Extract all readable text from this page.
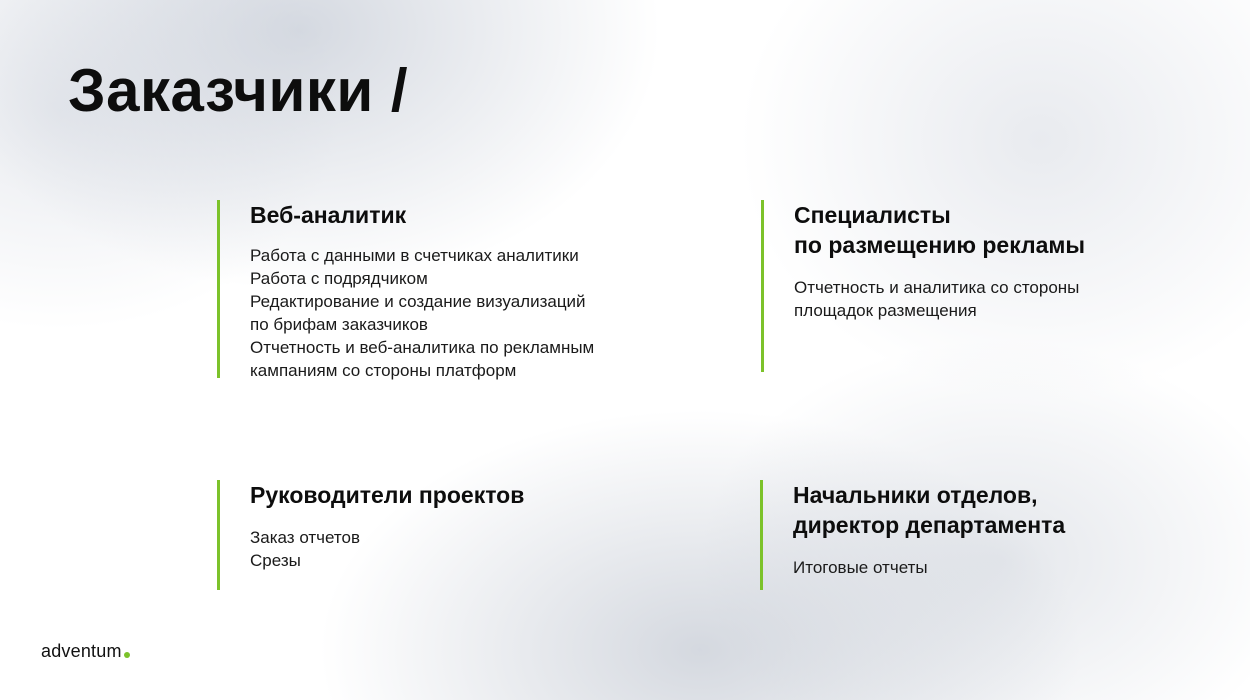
Заказчики /
Веб-аналитик
Работа с данными в счетчиках аналитики
Работа с подрядчиком
Редактирование и создание визуализаций
по брифам заказчиков
Отчетность и веб-аналитика по рекламным
кампаниям со стороны платформ
Специалисты
по размещению рекламы
Отчетность и аналитика со стороны
площадок размещения
Руководители проектов
Заказ отчетов
Срезы
Начальники отделов,
директор департамента
Итоговые отчеты
adventum
